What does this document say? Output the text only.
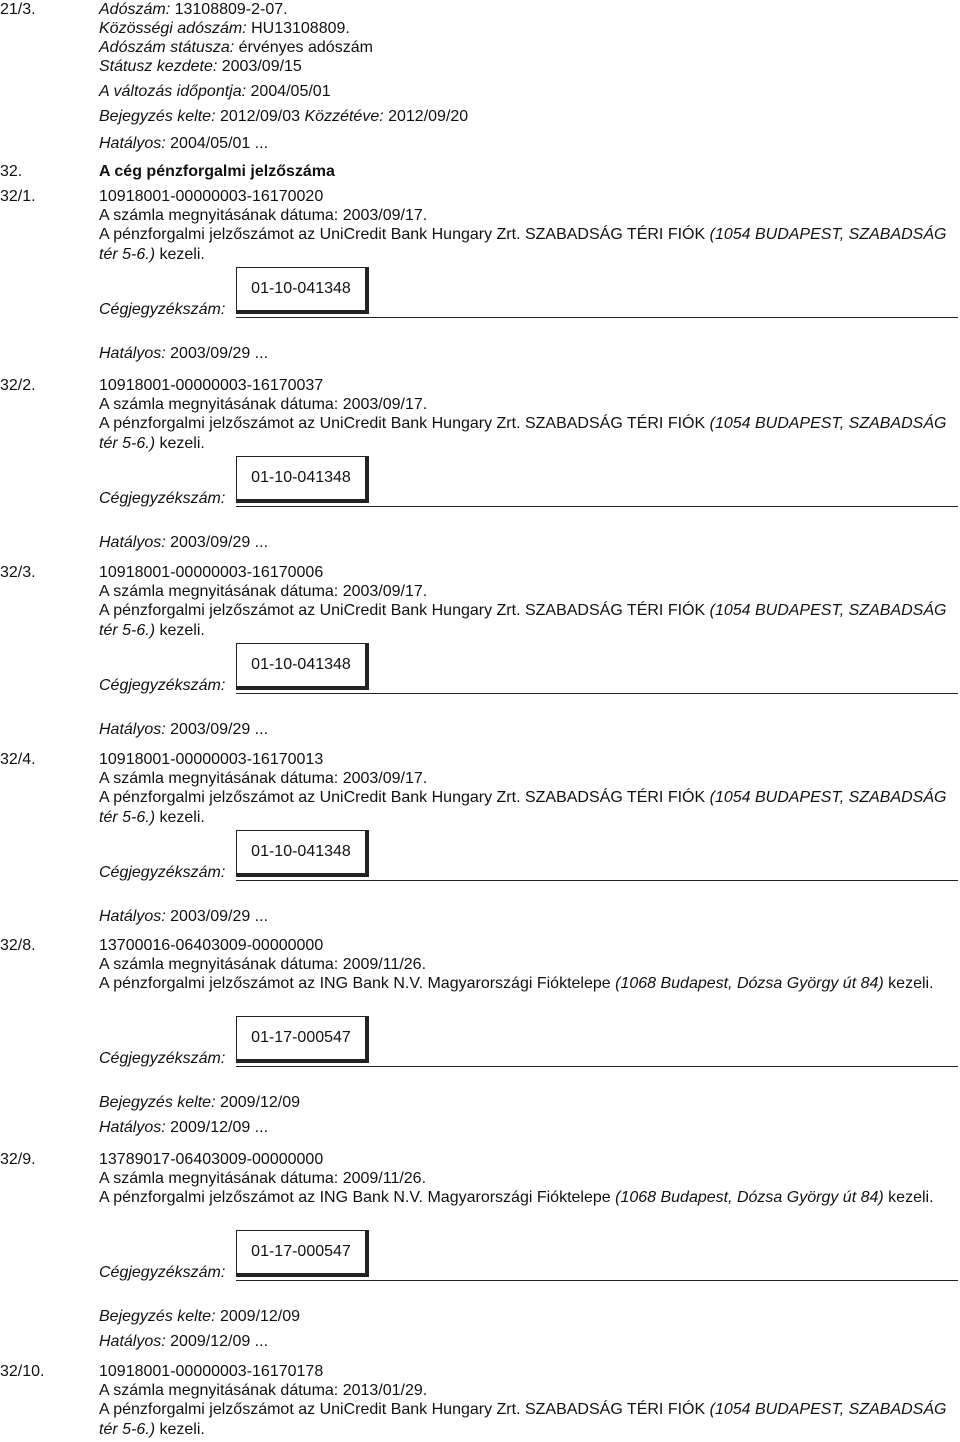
21/3.	Adószám: 13108809-2-07.
Közösségi adószám: HU13108809.
Adószám státusza: érvényes adószám
Státusz kezdete: 2003/09/15
A változás időpontja: 2004/05/01
Bejegyzés kelte: 2012/09/03 Közzétéve: 2012/09/20
Hatályos: 2004/05/01 ...
32.	A cég pénzforgalmi jelzőszáma
32/1.	10918001-00000003-16170020
A számla megnyitásának dátuma: 2003/09/17.
A pénzforgalmi jelzőszámot az UniCredit Bank Hungary Zrt. SZABADSÁG TÉRI FIÓK (1054 BUDAPEST, SZABADSÁG tér 5-6.) kezeli.
Cégjegyzékszám:
01-10-041348
Hatályos: 2003/09/29 ...
32/2.	10918001-00000003-16170037
A számla megnyitásának dátuma: 2003/09/17.
A pénzforgalmi jelzőszámot az UniCredit Bank Hungary Zrt. SZABADSÁG TÉRI FIÓK (1054 BUDAPEST, SZABADSÁG tér 5-6.) kezeli.
Cégjegyzékszám:
01-10-041348
Hatályos: 2003/09/29 ...
32/3.	10918001-00000003-16170006
A számla megnyitásának dátuma: 2003/09/17.
A pénzforgalmi jelzőszámot az UniCredit Bank Hungary Zrt. SZABADSÁG TÉRI FIÓK (1054 BUDAPEST, SZABADSÁG tér 5-6.) kezeli.
Cégjegyzékszám:
01-10-041348
Hatályos: 2003/09/29 ...
32/4.	10918001-00000003-16170013
A számla megnyitásának dátuma: 2003/09/17.
A pénzforgalmi jelzőszámot az UniCredit Bank Hungary Zrt. SZABADSÁG TÉRI FIÓK (1054 BUDAPEST, SZABADSÁG tér 5-6.) kezeli.
Cégjegyzékszám:
01-10-041348
Hatályos: 2003/09/29 ...
32/8.	13700016-06403009-00000000
A számla megnyitásának dátuma: 2009/11/26.
A pénzforgalmi jelzőszámot az ING Bank N.V. Magyarországi Fióktelepe (1068 Budapest, Dózsa György út 84) kezeli.
Cégjegyzékszám:
01-17-000547
Bejegyzés kelte: 2009/12/09
Hatályos: 2009/12/09 ...
32/9.	13789017-06403009-00000000
A számla megnyitásának dátuma: 2009/11/26.
A pénzforgalmi jelzőszámot az ING Bank N.V. Magyarországi Fióktelepe (1068 Budapest, Dózsa György út 84) kezeli.
Cégjegyzékszám:
01-17-000547
Bejegyzés kelte: 2009/12/09
Hatályos: 2009/12/09 ...
32/10.	10918001-00000003-16170178
A számla megnyitásának dátuma: 2013/01/29.
A pénzforgalmi jelzőszámot az UniCredit Bank Hungary Zrt. SZABADSÁG TÉRI FIÓK (1054 BUDAPEST, SZABADSÁG tér 5-6.) kezeli.
